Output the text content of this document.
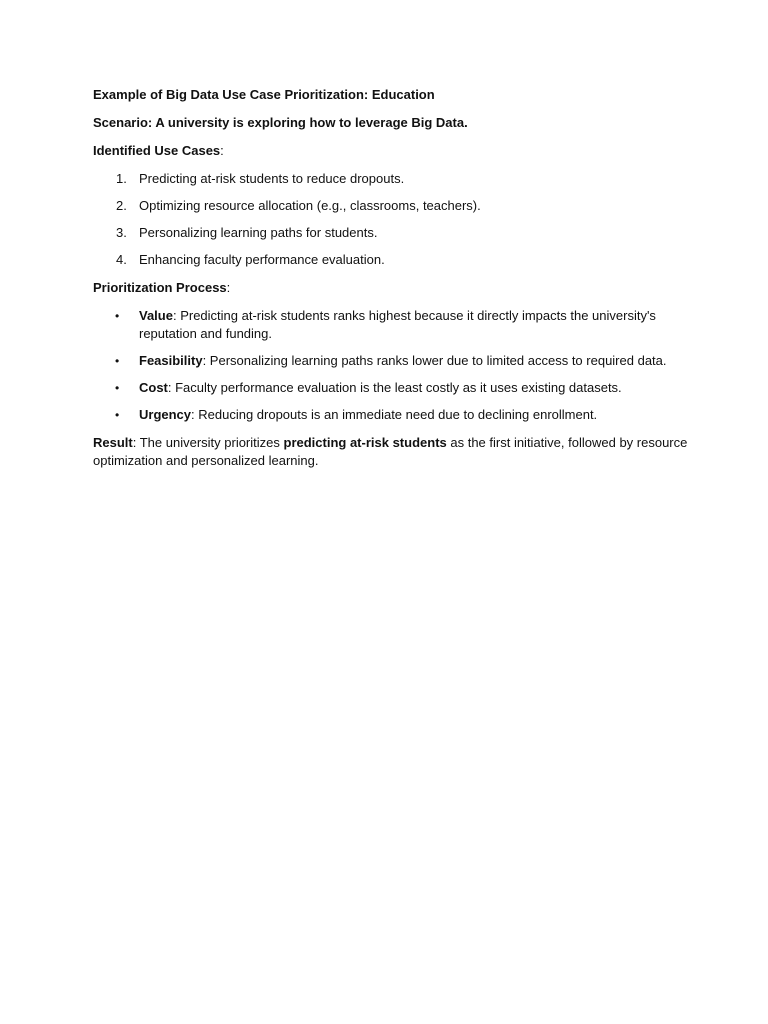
Example of Big Data Use Case Prioritization: Education

Scenario: A university is exploring how to leverage Big Data.

Identified Use Cases:

1. Predicting at-risk students to reduce dropouts.
2. Optimizing resource allocation (e.g., classrooms, teachers).
3. Personalizing learning paths for students.
4. Enhancing faculty performance evaluation.

Prioritization Process:

• Value: Predicting at-risk students ranks highest because it directly impacts the university's reputation and funding.
• Feasibility: Personalizing learning paths ranks lower due to limited access to required data.
• Cost: Faculty performance evaluation is the least costly as it uses existing datasets.
• Urgency: Reducing dropouts is an immediate need due to declining enrollment.

Result: The university prioritizes predicting at-risk students as the first initiative, followed by resource optimization and personalized learning.
